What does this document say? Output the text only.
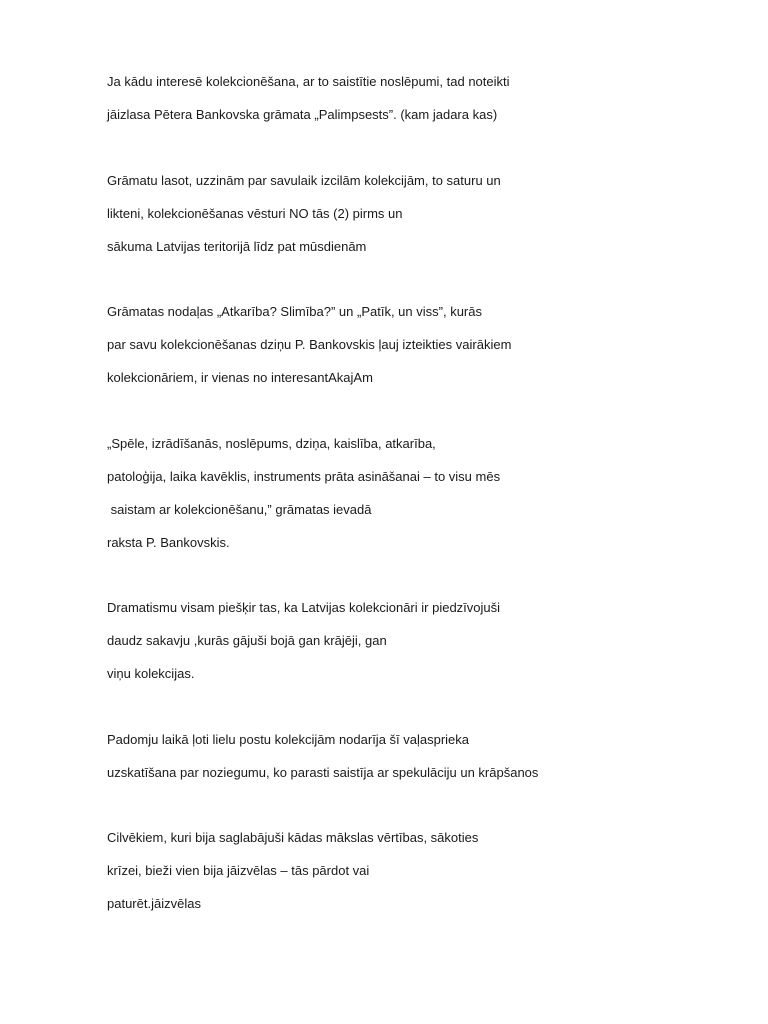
Ja kādu interesē kolekcionēšana, ar to saistītie noslēpumi, tad noteikti
jāizlasa Pētera Bankovska grāmata „Palimpsests”. (kam jadara kas)
Grāmatu lasot, uzzinām par savulaik izcilām kolekcijām, to saturu un
likteni, kolekcionēšanas vēsturi NO tās (2) pirms un
sākuma Latvijas teritorijā līdz pat mūsdienām
Grāmatas nodaļas „Atkarība? Slimība?” un „Patīk, un viss”, kurās
par savu kolekcionēšanas dziņu P. Bankovskis ļauj izteikties vairākiem
kolekcionāriem, ir vienas no interesantAkajAm
„Spēle, izrādīšanās, noslēpums, dziņa, kaislība, atkarība,
patoloģija, laika kavēklis, instruments prāta asināšanai – to visu mēs
saistam ar kolekcionēšanu,” grāmatas ievadā
raksta P. Bankovskis.
Dramatismu visam piešķir tas, ka Latvijas kolekcionāri ir piedzīvojuši
daudz sakavju ,kurās gājuši bojā gan krājēji, gan
viņu kolekcijas.
Padomju laikā ļoti lielu postu kolekcijām nodarīja šī vaļasprieka
uzskatīšana par noziegumu, ko parasti saistīja ar spekulāciju un krāpšanos
Cilvēkiem, kuri bija saglabājuši kādas mākslas vērtības, sākoties
krīzei, bieži vien bija jāizvēlas – tās pārdot vai
paturēt.jāizvēlas
